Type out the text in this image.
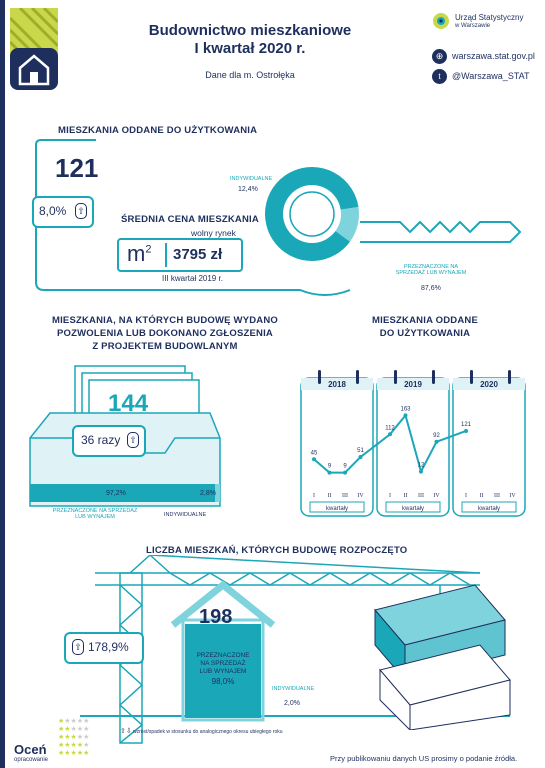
Budownictwo mieszkaniowe
I kwartał 2020 r.
Dane dla m. Ostrołęka
Urząd Statystyczny
w Warszawie
⊕ warszawa.stat.gov.pl
t	@Warszawa_STAT
MIESZKANIA ODDANE DO UŻYTKOWANIA
121
8,0% ⇧
ŚREDNIA CENA MIESZKANIA
wolny rynek
$m^2$ 3795 zł
III kwartał 2019 r.
INDYWIDUALNE
12,4%
PRZEZNACZONE NA
SPRZEDAŻ LUB WYNAJEM
87,6%
MIESZKANIA, NA KTÓRYCH BUDOWĘ WYDANO
POZWOLENIA LUB DOKONANO ZGŁOSZENIA
Z PROJEKTEM BUDOWLANYM
144
36 razy ⇧
97,2%	2,8%
PRZEZNACZONE NA SPRZEDAŻ
LUB WYNAJEM	INDYWIDUALNE
MIESZKANIA ODDANE
DO UŻYTKOWANIA
2018
kwartały
2019
kwartały
2020
kwartały
I II III IV	I II III IV	I II III IV
45
9 9
51
112
163
12
92
121
LICZBA MIESZKAŃ, KTÓRYCH BUDOWĘ ROZPOCZĘTO
198
PRZEZNACZONE
NA SPRZEDAŻ
LUB WYNAJEM
98,0%
INDYWIDUALNE
2,0%
⇧ 178,9%
⇧⇩ wzrost/spadek w stosunku do analogicznego okresu ubiegłego roku
★★★★★
★★★★★
★★★★★
★★★★★
★★★★★
Oceń
opracowanie	Przy publikowaniu danych US prosimy o podanie źródła.
